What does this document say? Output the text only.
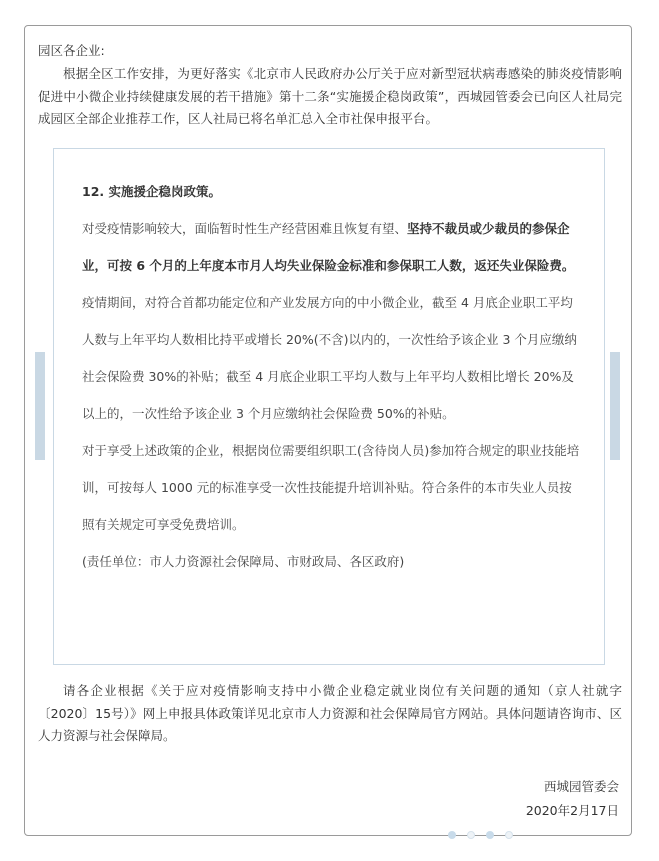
园区各企业:
根据全区工作安排，为更好落实《北京市人民政府办公厅关于应对新型冠状病毒感染的肺炎疫情影响促进中小微企业持续健康发展的若干措施》第十二条“实施援企稳岗政策”，西城园管委会已向区人社局完成园区全部企业推荐工作，区人社局已将名单汇总入全市社保申报平台。

12. 实施援企稳岗政策。

对受疫情影响较大，面临暂时性生产经营困难且恢复有望、坚持不裁员或少裁员的参保企业，可按 6 个月的上年度本市月人均失业保险金标准和参保职工人数，返还失业保险费。

疫情期间，对符合首都功能定位和产业发展方向的中小微企业，截至 4 月底企业职工平均人数与上年平均人数相比持平或增长 20%(不含)以内的，一次性给予该企业 3 个月应缴纳社会保险费 30%的补贴；截至 4 月底企业职工平均人数与上年平均人数相比增长 20%及以上的，一次性给予该企业 3 个月应缴纳社会保险费 50%的补贴。

对于享受上述政策的企业，根据岗位需要组织职工(含待岗人员)参加符合规定的职业技能培训，可按每人 1000 元的标准享受一次性技能提升培训补贴。符合条件的本市失业人员按照有关规定可享受免费培训。

(责任单位：市人力资源社会保障局、市财政局、各区政府)

请各企业根据《关于应对疫情影响支持中小微企业稳定就业岗位有关问题的通知（京人社就字〔2020〕15号）》网上申报具体政策详见北京市人力资源和社会保障局官方网站。具体问题请咨询市、区人力资源与社会保障局。
西城园管委会
2020年2月17日
